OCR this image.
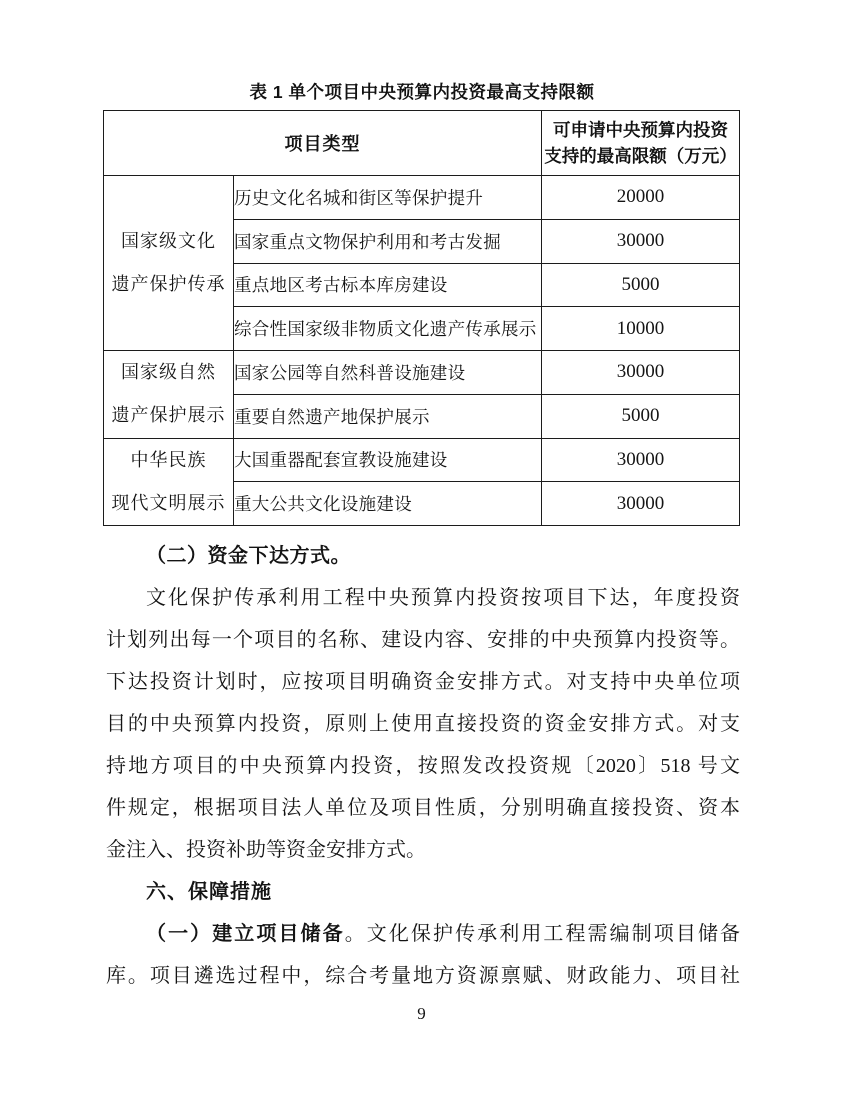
表 1 单个项目中央预算内投资最高支持限额
项目类型		可申请中央预算内投资
支持的最高限额（万元）

国家级文化
遗产保护传承	历史文化名城和街区等保护提升	20000
	国家重点文物保护利用和考古发掘	30000
	重点地区考古标本库房建设	5000
	综合性国家级非物质文化遗产传承展示	10000

国家级自然
遗产保护展示	国家公园等自然科普设施建设	30000
	重要自然遗产地保护展示	5000

中华民族
现代文明展示	大国重器配套宣教设施建设	30000
	重大公共文化设施建设	30000
（二）资金下达方式。
文化保护传承利用工程中央预算内投资按项目下达，年度投资
计划列出每一个项目的名称、建设内容、安排的中央预算内投资等。
下达投资计划时，应按项目明确资金安排方式。对支持中央单位项
目的中央预算内投资，原则上使用直接投资的资金安排方式。对支
持地方项目的中央预算内投资，按照发改投资规〔2020〕518 号文
件规定，根据项目法人单位及项目性质，分别明确直接投资、资本
金注入、投资补助等资金安排方式。
六、保障措施
（一）建立项目储备。文化保护传承利用工程需编制项目储备
库。项目遴选过程中，综合考量地方资源禀赋、财政能力、项目社
9
